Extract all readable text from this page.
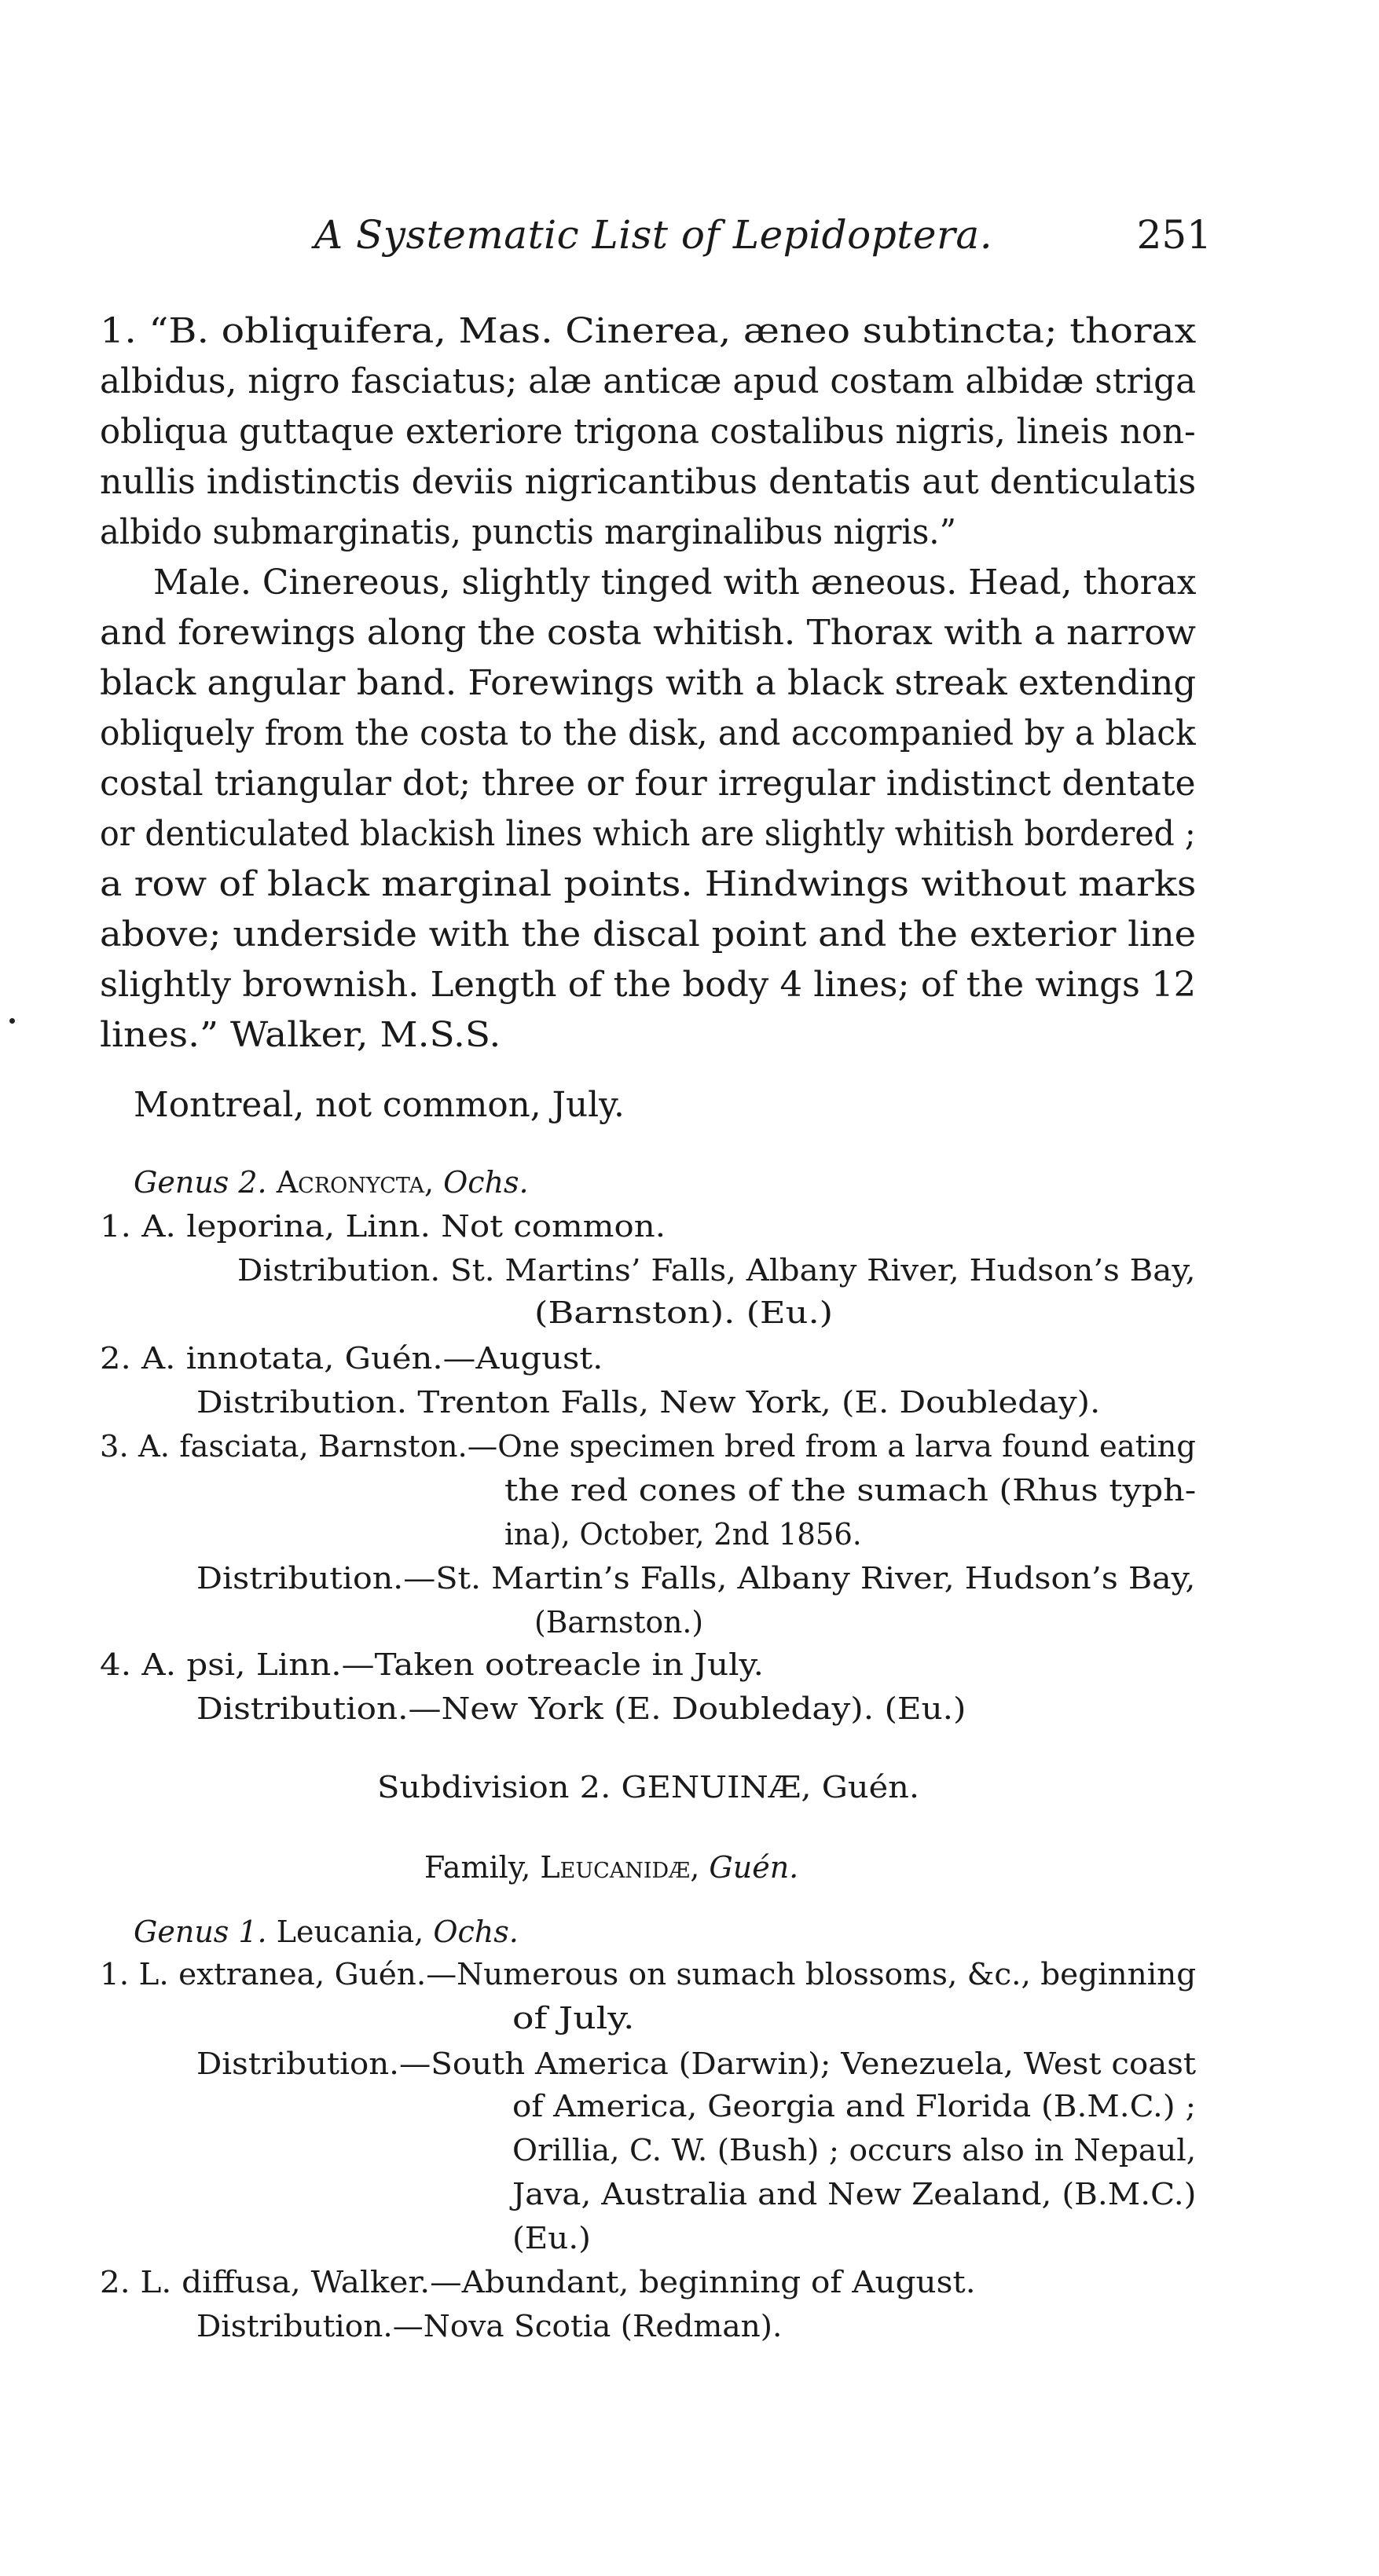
A Systematic List of Lepidoptera.	251
1. “B. obliquifera, Mas. Cinerea, æneo subtincta; thorax
albidus, nigro fasciatus; alæ anticæ apud costam albidæ striga
obliqua guttaque exteriore trigona costalibus nigris, lineis non-
nullis indistinctis deviis nigricantibus dentatis aut denticulatis
albido submarginatis, punctis marginalibus nigris.”
Male. Cinereous, slightly tinged with æneous. Head, thorax
and forewings along the costa whitish. Thorax with a narrow
black angular band. Forewings with a black streak extending
obliquely from the costa to the disk, and accompanied by a black
costal triangular dot; three or four irregular indistinct dentate
or denticulated blackish lines which are slightly whitish bordered ;
a row of black marginal points. Hindwings without marks
above; underside with the discal point and the exterior line
slightly brownish. Length of the body 4 lines; of the wings 12
lines.” Walker, M.S.S.
Montreal, not common, July.
Genus 2. Acronycta, Ochs.
1. A. leporina, Linn. Not common.
Distribution. St. Martins’ Falls, Albany River, Hudson’s Bay,
(Barnston). (Eu.)
2. A. innotata, Guén.—August.
Distribution. Trenton Falls, New York, (E. Doubleday).
3. A. fasciata, Barnston.—One specimen bred from a larva found eating
the red cones of the sumach (Rhus typh-
ina), October, 2nd 1856.
Distribution.—St. Martin’s Falls, Albany River, Hudson’s Bay,
(Barnston.)
4. A. psi, Linn.—Taken ootreacle in July.
Distribution.—New York (E. Doubleday). (Eu.)
Subdivision 2. GENUINÆ, Guén.
Family, Leucanidæ, Guén.
Genus 1. Leucania, Ochs.
1. L. extranea, Guén.—Numerous on sumach blossoms, &c., beginning
of July.
Distribution.—South America (Darwin); Venezuela, West coast
of America, Georgia and Florida (B.M.C.) ;
Orillia, C. W. (Bush) ; occurs also in Nepaul,
Java, Australia and New Zealand, (B.M.C.)
(Eu.)
2. L. diffusa, Walker.—Abundant, beginning of August.
Distribution.—Nova Scotia (Redman).
